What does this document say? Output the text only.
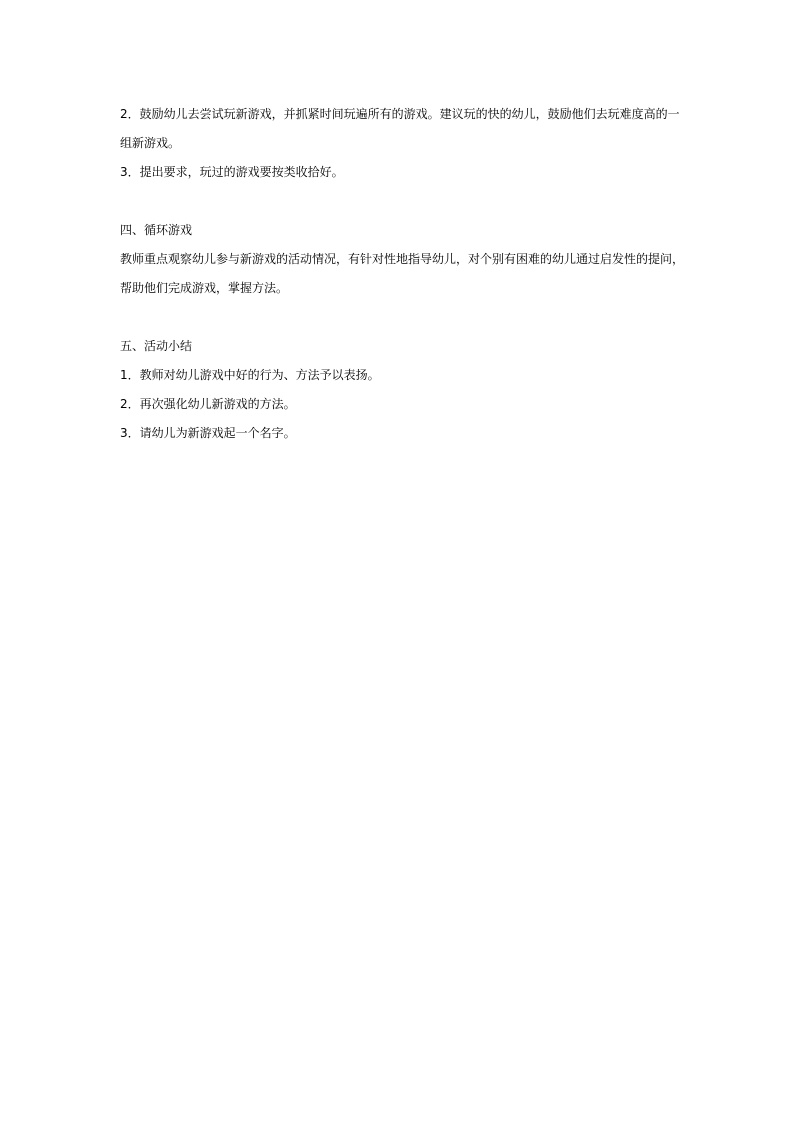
2．鼓励幼儿去尝试玩新游戏，并抓紧时间玩遍所有的游戏。建议玩的快的幼儿，鼓励他们去玩难度高的一

组新游戏。

3．提出要求，玩过的游戏要按类收拾好。

四、循环游戏

教师重点观察幼儿参与新游戏的活动情况，有针对性地指导幼儿，对个别有困难的幼儿通过启发性的提问，

帮助他们完成游戏，掌握方法。

五、活动小结

1．教师对幼儿游戏中好的行为、方法予以表扬。

2．再次强化幼儿新游戏的方法。

3．请幼儿为新游戏起一个名字。
